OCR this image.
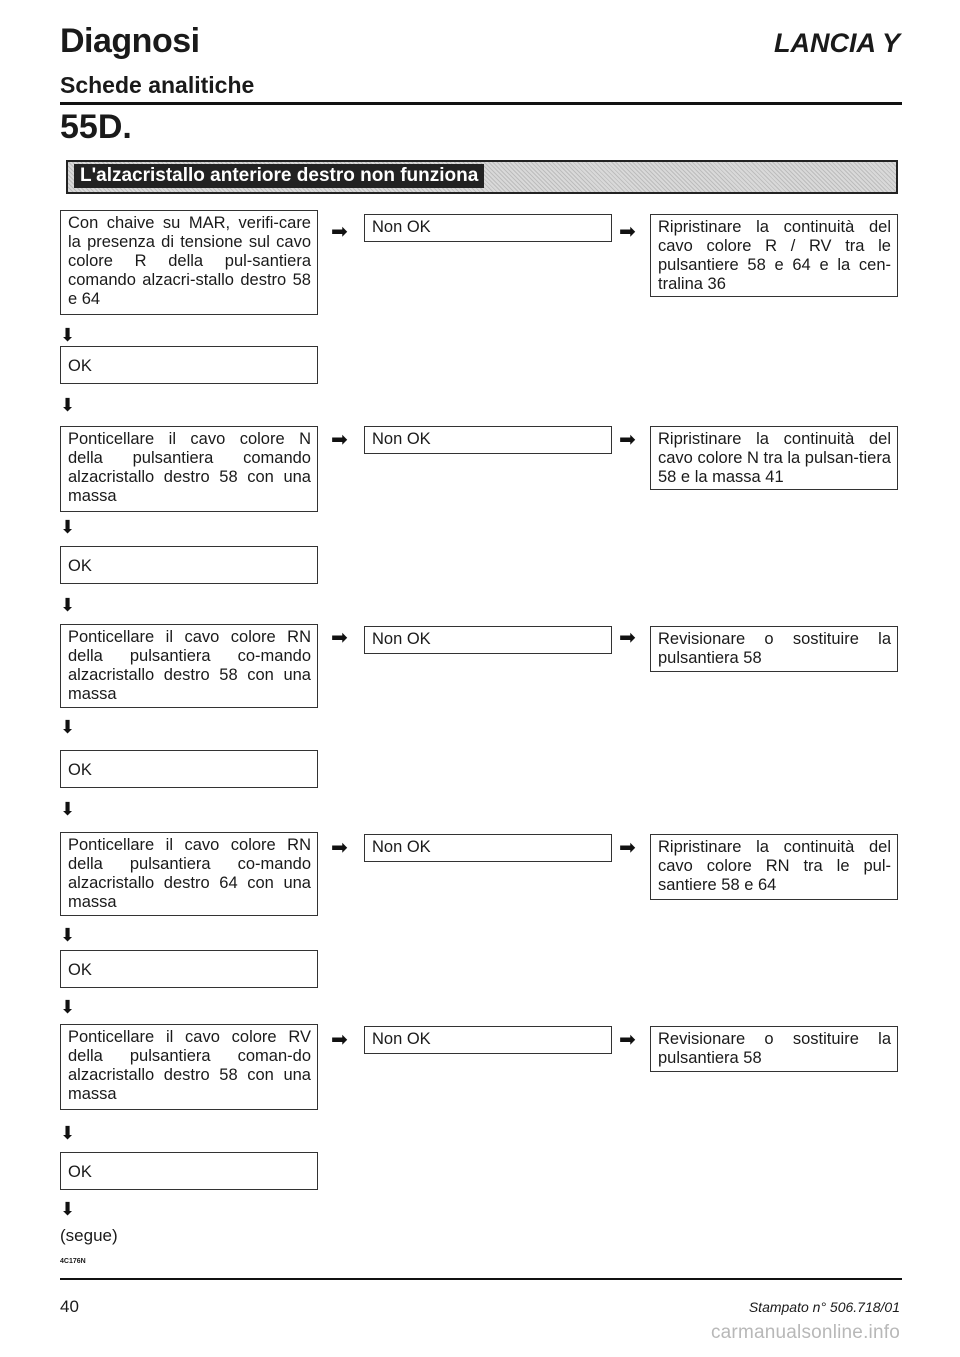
Diagnosi
Schede analitiche
LANCIA Y
55D.
L'alzacristallo anteriore destro non funziona
Con chaive su MAR, verifi-care la presenza di tensione sul cavo colore R della pul-santiera comando alzacri-stallo destro 58 e 64
➡	Non OK	➡	Ripristinare la continuità del cavo colore R / RV tra le pulsantiere 58 e 64 e la cen-tralina 36
⬇
OK
⬇
Ponticellare il cavo colore N della pulsantiera comando alzacristallo destro 58 con una massa
➡	Non OK	➡	Ripristinare la continuità del cavo colore N tra la pulsan-tiera 58 e la massa 41
⬇
OK
⬇
Ponticellare il cavo colore RN della pulsantiera co-mando alzacristallo destro 58 con una massa
➡	Non OK	➡	Revisionare o sostituire la pulsantiera 58
⬇
OK
⬇
Ponticellare il cavo colore RN della pulsantiera co-mando alzacristallo destro 64 con una massa
➡	Non OK	➡	Ripristinare la continuità del cavo colore RN tra le pul-santiere 58 e 64
⬇
OK
⬇
Ponticellare il cavo colore RV della pulsantiera coman-do alzacristallo destro 58 con una massa
➡	Non OK	➡	Revisionare o sostituire la pulsantiera 58
⬇
OK
⬇
(segue)
4C176N
40	Stampato n° 506.718/01
carmanualsonline.info
